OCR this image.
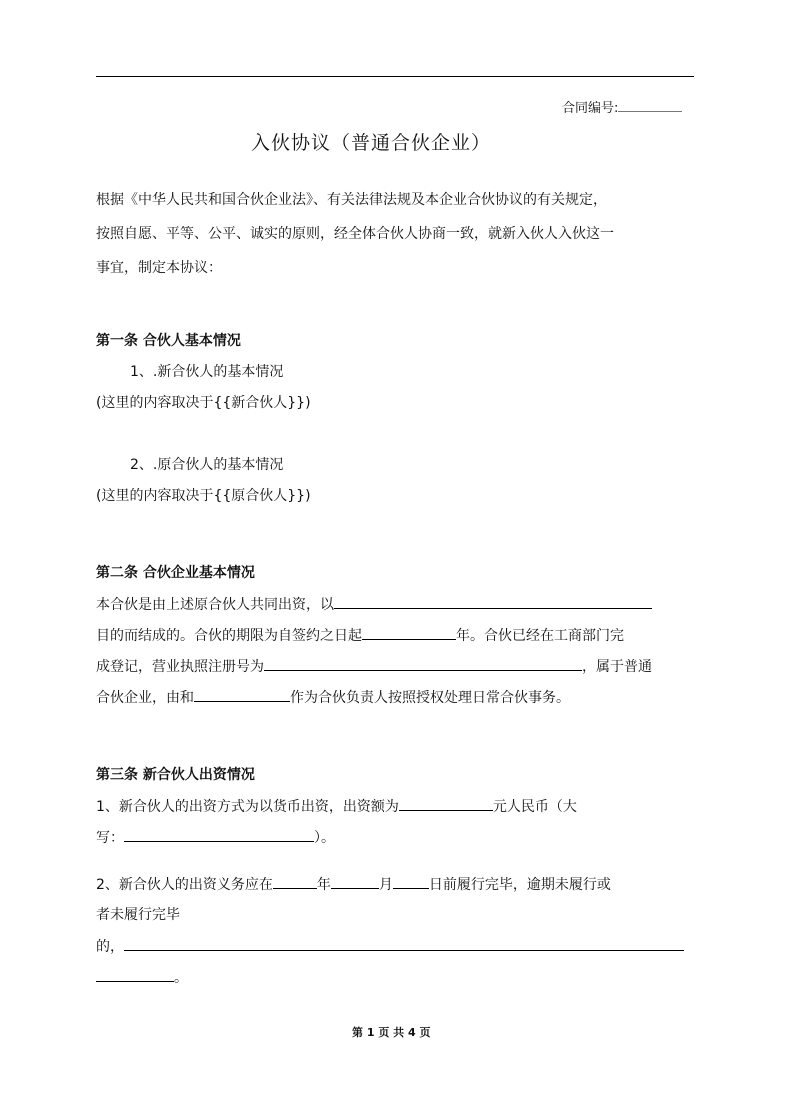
合同编号:
入伙协议（普通合伙企业）
根据《中华人民共和国合伙企业法》、有关法律法规及本企业合伙协议的有关规定，
按照自愿、平等、公平、诚实的原则，经全体合伙人协商一致，就新入伙人入伙这一
事宜，制定本协议：
第一条 合伙人基本情况
1、.新合伙人的基本情况
(这里的内容取决于{{新合伙人}})
2、.原合伙人的基本情况
(这里的内容取决于{{原合伙人}})
第二条 合伙企业基本情况
本合伙是由上述原合伙人共同出资，以
目的而结成的。合伙的期限为自签约之日起	年。合伙已经在工商部门完
成登记，营业执照注册号为	，属于普通
合伙企业，由和	作为合伙负责人按照授权处理日常合伙事务。
第三条 新合伙人出资情况
1、新合伙人的出资方式为以货币出资，出资额为	元人民币（大
写：	）。
2、新合伙人的出资义务应在	年	月	日前履行完毕，逾期未履行或
者未履行完毕
的，
。
第 1 页 共 4 页
